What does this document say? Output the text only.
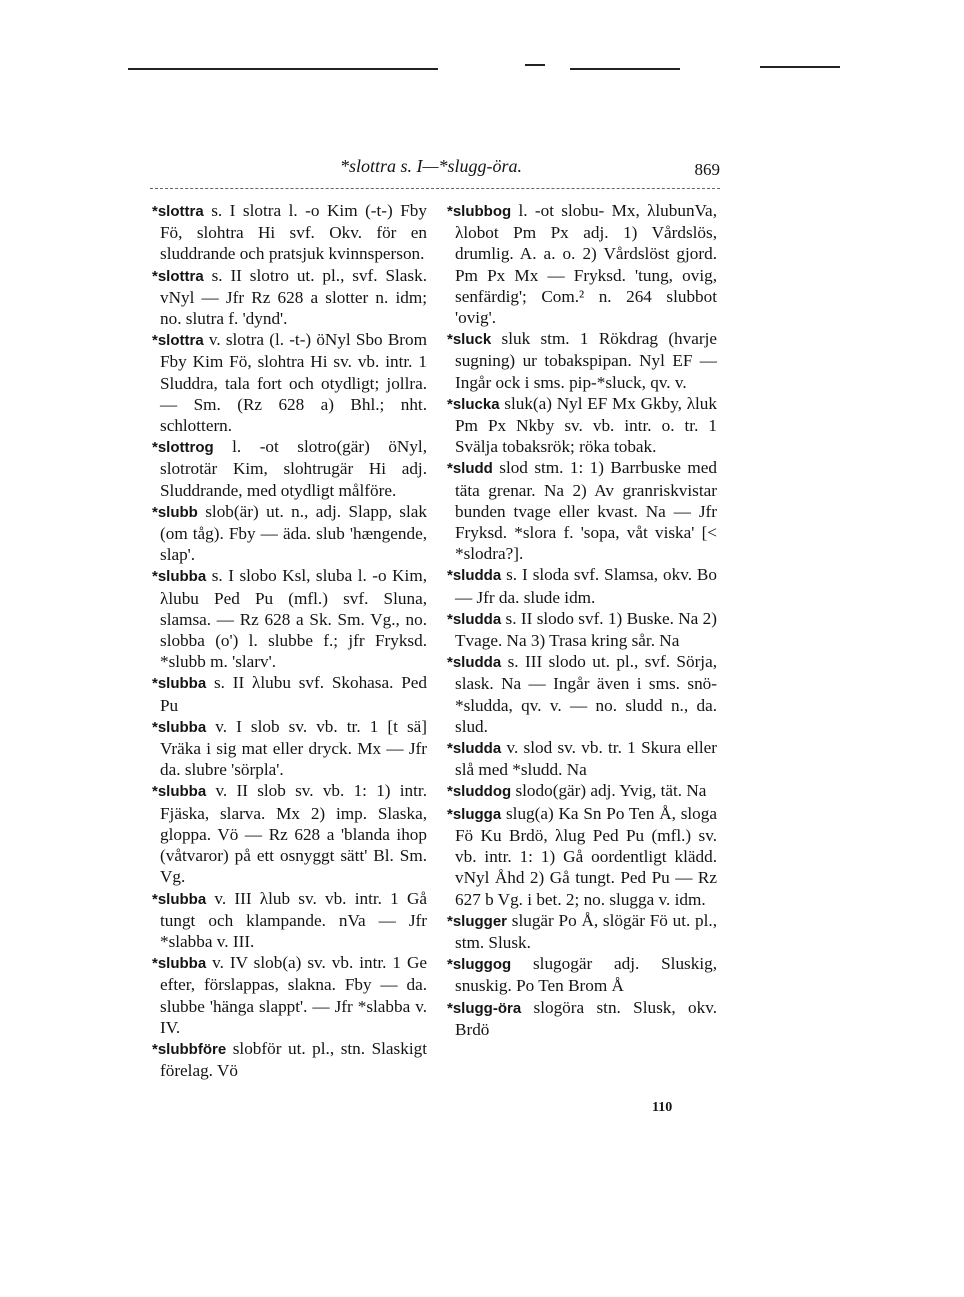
*slottra s. I—*slugg-öra.	869

*slottra s. I slotra l. -o Kim (-t-) Fby Fö, slohtra Hi svf. Okv. för en sluddrande och pratsjuk kvinnsperson.

*slottra s. II slotro ut. pl., svf. Slask. vNyl — Jfr Rz 628 a slotter n. idm; no. slutra f. 'dynd'.

*slottra v. slotra (l. -t-) öNyl Sbo Brom Fby Kim Fö, slohtra Hi sv. vb. intr. 1 Sluddra, tala fort och otydligt; jollra. — Sm. (Rz 628 a) Bhl.; nht. schlottern.

*slottrog l. -ot slotro(gär) öNyl, slotrotär Kim, slohtrugär Hi adj. Sluddrande, med otydligt målföre.

*slubb slob(är) ut. n., adj. Slapp, slak (om tåg). Fby — äda. slub 'hængende, slap'.

*slubba s. I slobo Ksl, sluba l. -o Kim, λlubu Ped Pu (mfl.) svf. Sluna, slamsa. — Rz 628 a Sk. Sm. Vg., no. slobba (o') l. slubbe f.; jfr Fryksd. *slubb m. 'slarv'.

*slubba s. II λlubu svf. Skohasa. Ped Pu

*slubba v. I slob sv. vb. tr. 1 [t sä] Vräka i sig mat eller dryck. Mx — Jfr da. slubre 'sörpla'.

*slubba v. II slob sv. vb. 1: 1) intr. Fjäska, slarva. Mx 2) imp. Slaska, gloppa. Vö — Rz 628 a 'blanda ihop (våtvaror) på ett osnyggt sätt' Bl. Sm. Vg.

*slubba v. III λlub sv. vb. intr. 1 Gå tungt och klampande. nVa — Jfr *slabba v. III.

*slubba v. IV slob(a) sv. vb. intr. 1 Ge efter, förslappas, slakna. Fby — da. slubbe 'hänga slappt'. — Jfr *slabba v. IV.

*slubbföre slobför ut. pl., stn. Slaskigt förelag. Vö

*slubbog l. -ot slobu- Mx, λlubunVa, λlobot Pm Px adj. 1) Vårdslös, drumlig. A. a. o. 2) Vårdslöst gjord. Pm Px Mx — Fryksd. 'tung, ovig, senfärdig'; Com.² n. 264 slubbot 'ovig'.

*sluck sluk stm. 1 Rökdrag (hvarje sugning) ur tobakspipan. Nyl EF — Ingår ock i sms. pip-*sluck, qv. v.

*slucka sluk(a) Nyl EF Mx Gkby, λluk Pm Px Nkby sv. vb. intr. o. tr. 1 Svälja tobaksrök; röka tobak.

*sludd slod stm. 1: 1) Barrbuske med täta grenar. Na 2) Av granriskvistar bunden tvage eller kvast. Na — Jfr Fryksd. *slora f. 'sopa, våt viska' [< *slodra?].

*sludda s. I sloda svf. Slamsa, okv. Bo — Jfr da. slude idm.

*sludda s. II slodo svf. 1) Buske. Na 2) Tvage. Na 3) Trasa kring sår. Na

*sludda s. III slodo ut. pl., svf. Sörja, slask. Na — Ingår även i sms. snö-*sludda, qv. v. — no. sludd n., da. slud.

*sludda v. slod sv. vb. tr. 1 Skura eller slå med *sludd. Na

*sluddog slodo(gär) adj. Yvig, tät. Na

*slugga slug(a) Ka Sn Po Ten Å, sloga Fö Ku Brdö, λlug Ped Pu (mfl.) sv. vb. intr. 1: 1) Gå oordentligt klädd. vNyl Åhd 2) Gå tungt. Ped Pu — Rz 627 b Vg. i bet. 2; no. slugga v. idm.

*slugger slugär Po Å, slögär Fö ut. pl., stm. Slusk.

*sluggog slugogär adj. Sluskig, snuskig. Po Ten Brom Å

*slugg-öra slogöra stn. Slusk, okv. Brdö

110
